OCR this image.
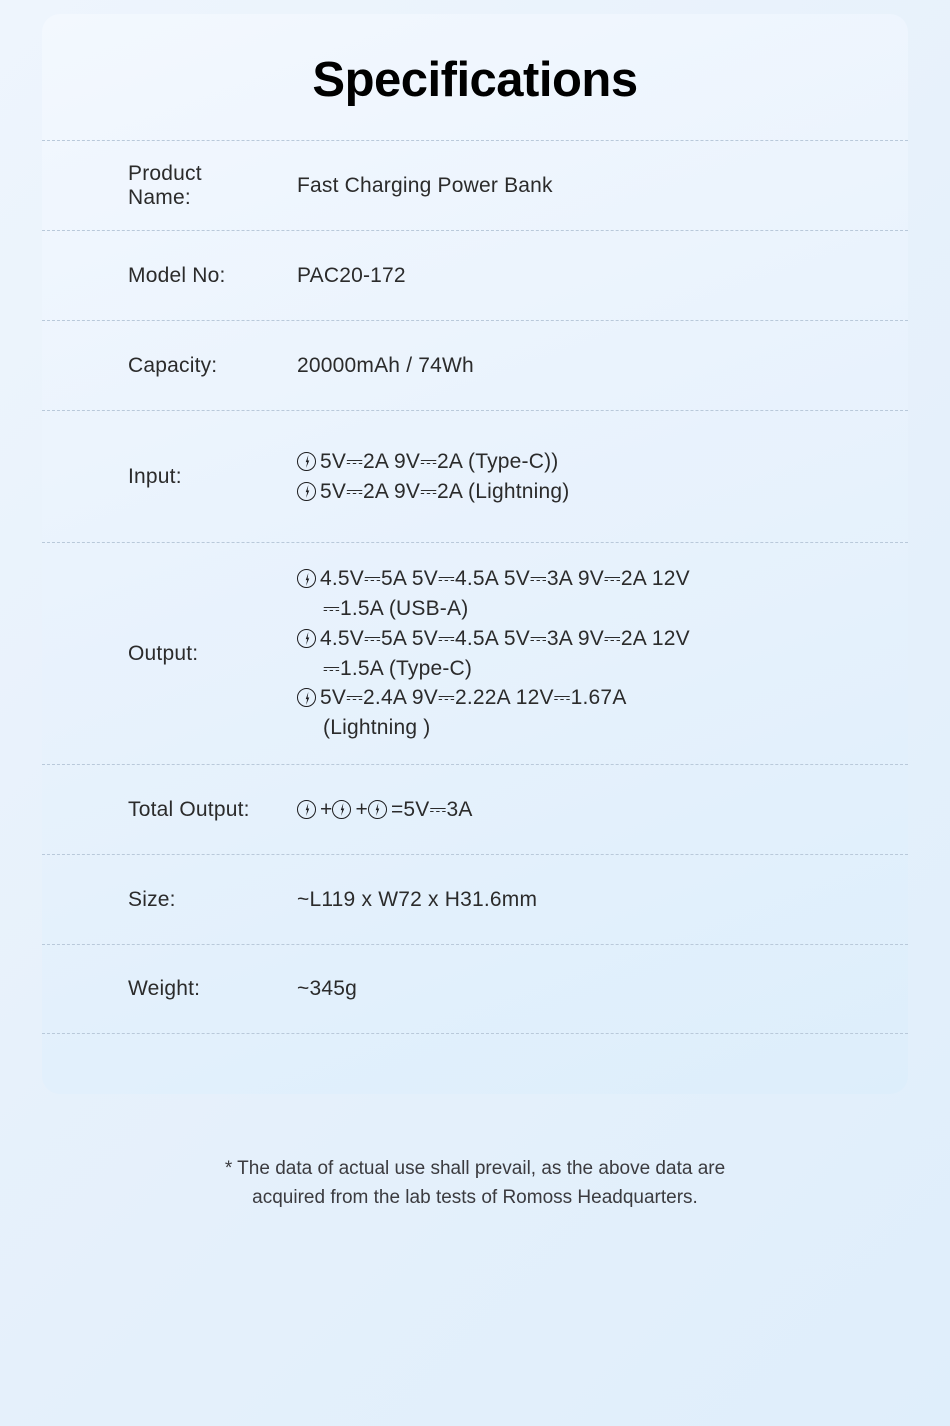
Specifications
Product Name:
Fast Charging Power Bank
Model No:	PAC20-172
Capacity:	20000mAh / 74Wh
Input:
5V⎓2A 9V⎓2A (Type-C))
5V⎓2A 9V⎓2A (Lightning)
Output:
4.5V⎓5A 5V⎓4.5A 5V⎓3A 9V⎓2A 12V
⎓1.5A (USB-A)
4.5V⎓5A 5V⎓4.5A 5V⎓3A 9V⎓2A 12V
⎓1.5A (Type-C)
5V⎓2.4A 9V⎓2.22A 12V⎓1.67A
(Lightning )
Total Output:	+ + =5V⎓3A
Size:	~L119 x W72 x H31.6mm
Weight:	~345g
* The data of actual use shall prevail, as the above data are
acquired from the lab tests of Romoss Headquarters.
